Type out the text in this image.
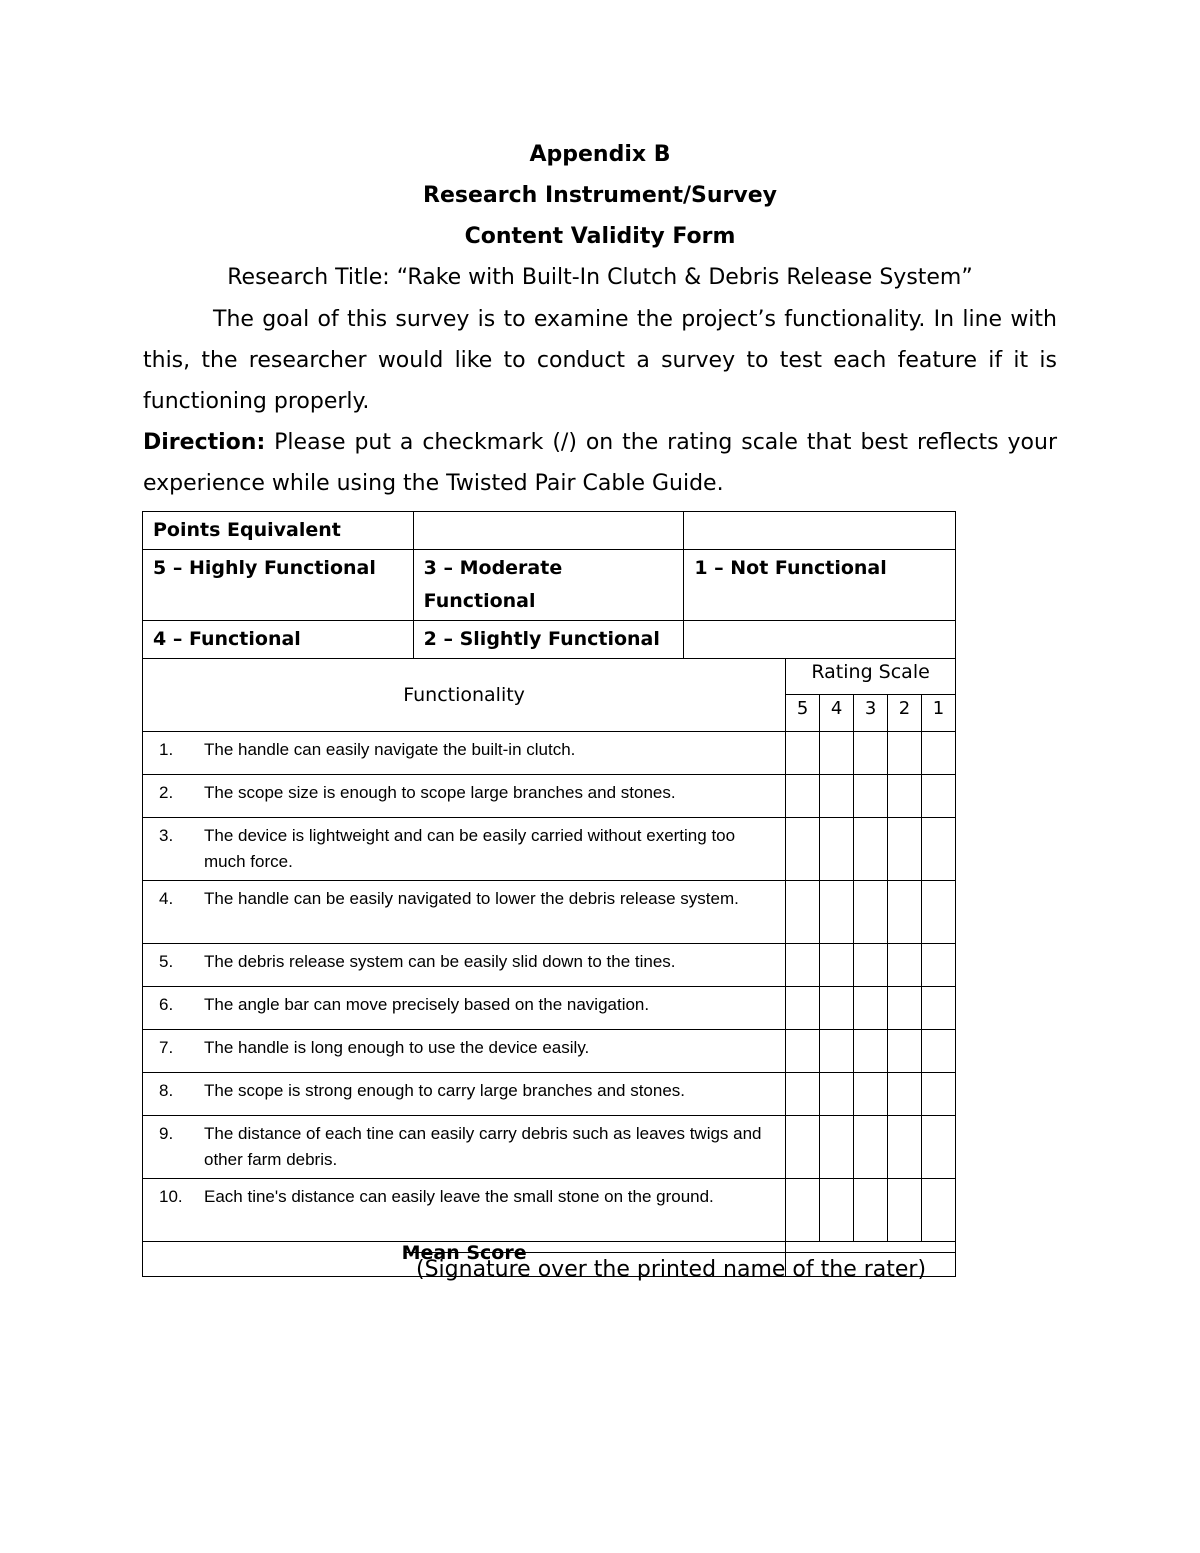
Appendix B
Research Instrument/Survey
Content Validity Form
Research Title: “Rake with Built-In Clutch & Debris Release System”
The goal of this survey is to examine the project’s functionality. In line with this, the researcher would like to conduct a survey to test each feature if it is functioning properly.
Direction: Please put a checkmark (/) on the rating scale that best reflects your experience while using the Twisted Pair Cable Guide.
Points Equivalent		
5 – Highly Functional	3 – Moderate Functional	1 – Not Functional
4 – Functional	2 – Slightly Functional	
Functionality	Rating Scale				
	5	4	3	2	1

1. The handle can easily navigate the built-in clutch.					

2. The scope size is enough to scope large branches and stones.					

3. The device is lightweight and can be easily carried without exerting too much force.					

4. The handle can be easily navigated to lower the debris release system.					

5. The debris release system can be easily slid down to the tines.					

6. The angle bar can move precisely based on the navigation.					

7. The handle is long enough to use the device easily.					

8. The scope is strong enough to carry large branches and stones.					

9. The distance of each tine can easily carry debris such as leaves twigs and other farm debris.					

10. Each tine's distance can easily leave the small stone on the ground.					

Mean Score					
(Signature over the printed name of the rater)
